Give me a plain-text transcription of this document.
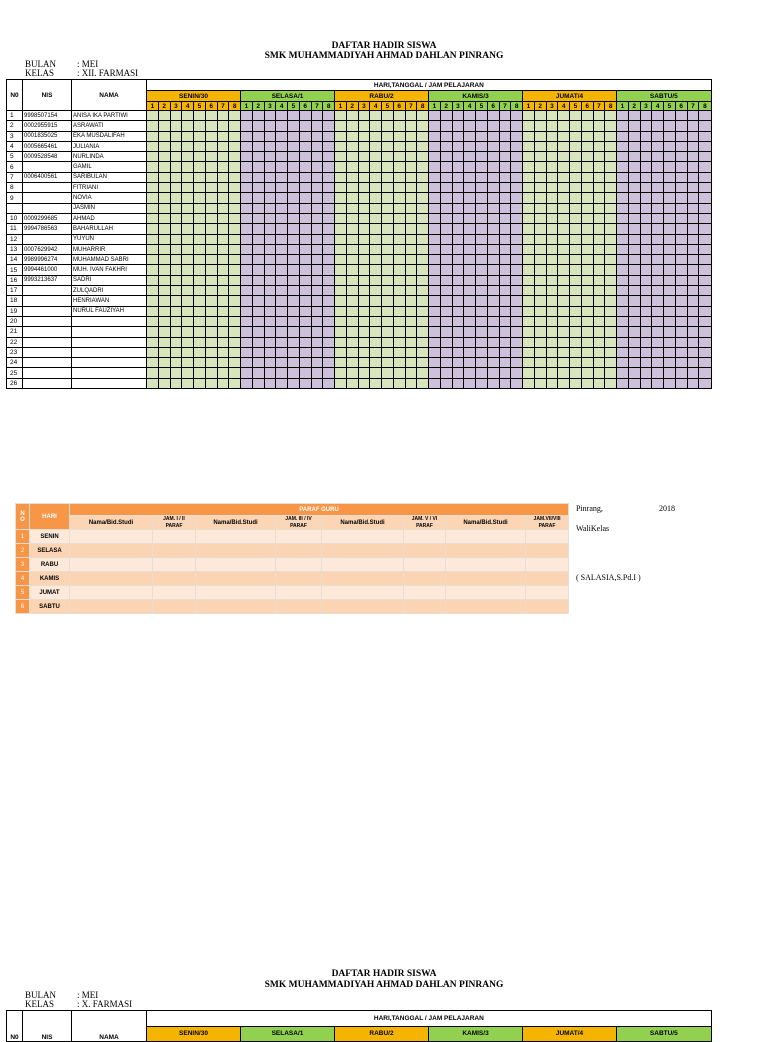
DAFTAR HADIR SISWA
SMK MUHAMMADIYAH AHMAD DAHLAN PINRANG
BULAN : MEI
KELAS	: XII. FARMASI
N0	NIS	NAMA	HARI,TANGGAL / JAM PELAJARAN																																															
			SENIN/30								SELASA/1								RABU/2								KAMIS/3								JUMAT/4								SABTU/5							
			1	2	3	4	5	6	7	8	1	2	3	4	5	6	7	8	1	2	3	4	5	6	7	8	1	2	3	4	5	6	7	8	1	2	3	4	5	6	7	8	1	2	3	4	5	6	7	8
1	9998507154	ANISA IKA PARTIWI																																																
2	0002955915	ASRAWATI																																																
3	0001835025	EKA MUSDALIFAH																																																
4	0005665461	JULIANIA																																																
5	0009528548	NURLINDA																																																
6		GAMIL																																																
7	0006400561	SARIBULAN																																																
8		FITRIANI																																																
9		NOVIA																																																
		JASMIN																																																
10	0009299685	AHMAD																																																
11	9994786563	BAHARULLAH																																																
12		YUYUN																																																
13	0007629942	MUHARRIR																																																
14	9989996274	MUHAMMAD SABRI																																																
15	9994461000	MUH. IVAN FAKHRI																																																
16	9993213637	SADRI																																																
17		ZULQADRI																																																
18		HENRIAWAN																																																
19		NURUL FAUZIYAH																																																
20																																																		
21																																																		
22																																																		
23																																																		
24																																																		
25																																																		
26																																																		
N
O	HARI	PARAF GURU							
		Nama/Bid.Studi	JAM. I / II	Nama/Bid.Studi	JAM. III / IV	Nama/Bid.Studi	JAM. V / VI	Nama/Bid.Studi	JAM.VII/VIII
			PARAF		PARAF		PARAF		PARAF
1	SENIN								
2	SELASA								
3	RABU								
4	KAMIS								
5	JUMAT								
6	SABTU								
Pinrang,	2018
WaliKelas
( SALASIA,S.Pd.I )
DAFTAR HADIR SISWA
SMK MUHAMMADIYAH AHMAD DAHLAN PINRANG
BULAN : MEI
KELAS	: X. FARMASI
N0	NIS	NAMA	HARI,TANGGAL / JAM PELAJARAN					
			SENIN/30	SELASA/1	RABU/2	KAMIS/3	JUMAT/4	SABTU/5
